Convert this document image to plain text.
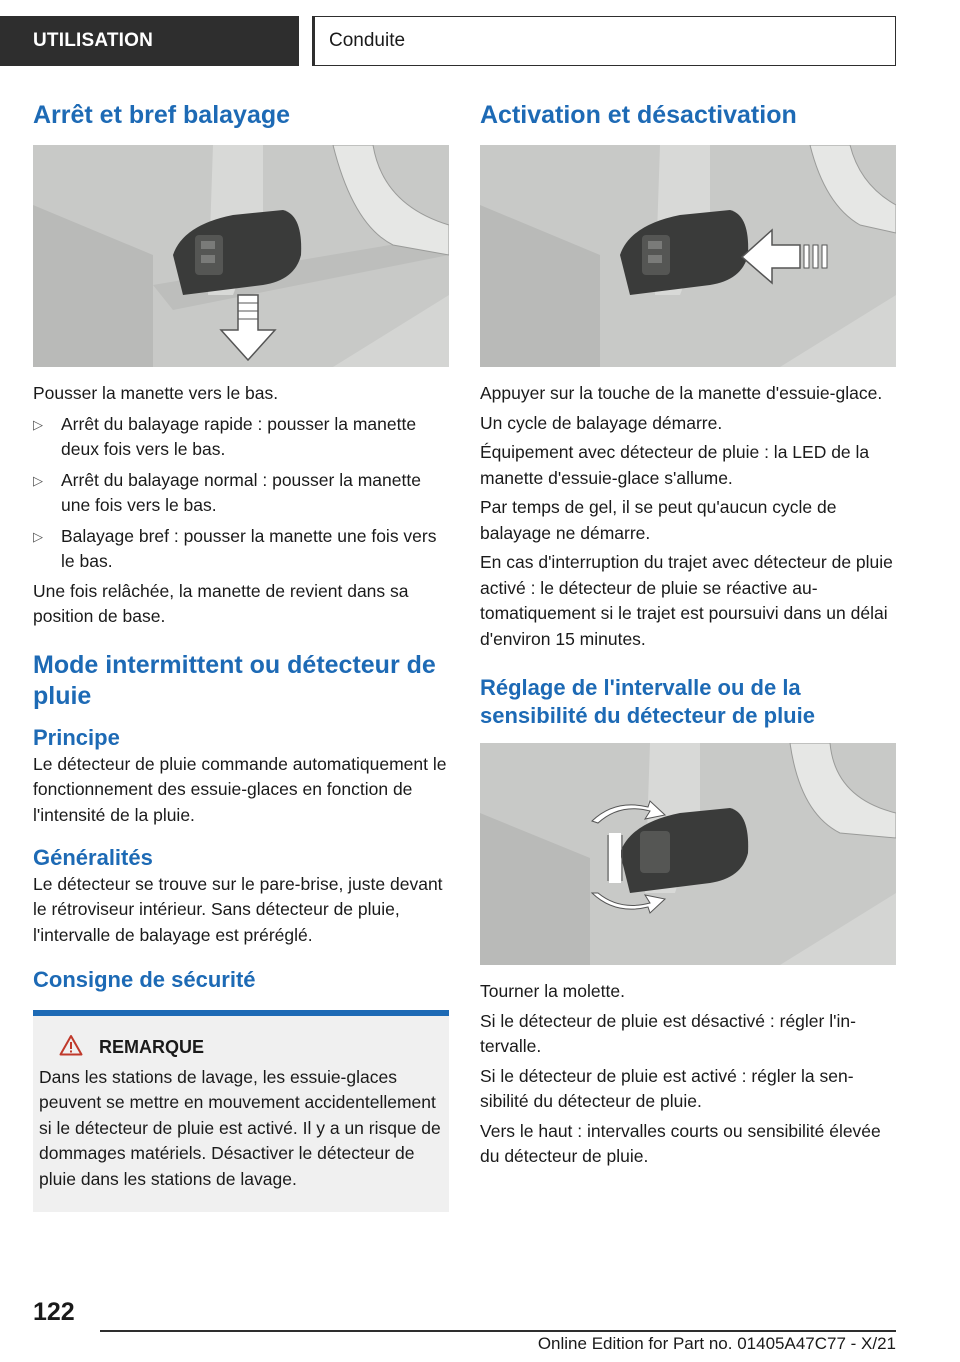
UTILISATION	Conduite
Arrêt et bref balayage

Pousser la manette vers le bas.

▷ Arrêt du balayage rapide : pousser la manette deux fois vers le bas.
▷ Arrêt du balayage normal : pousser la manette une fois vers le bas.
▷ Balayage bref : pousser la manette une fois vers le bas.

Une fois relâchée, la manette de revient dans sa position de base.

Mode intermittent ou détecteur de pluie
Principe

Le détecteur de pluie commande automatiquement le fonctionnement des essuie-glaces en fonction de l'intensité de la pluie.

Généralités

Le détecteur se trouve sur le pare-brise, juste devant le rétroviseur intérieur. Sans détecteur de pluie, l'intervalle de balayage est préréglé.

Consigne de sécurité
REMARQUE

Dans les stations de lavage, les essuie-glaces peuvent se mettre en mouvement accidentellement si le détecteur de pluie est activé. Il y a un risque de dommages matériels. Désactiver le détecteur de pluie dans les stations de lavage.

Activation et désactivation

Appuyer sur la touche de la manette d'essuie-glace.

Un cycle de balayage démarre.

Équipement avec détecteur de pluie : la LED de la manette d'essuie-glace s'allume.

Par temps de gel, il se peut qu'aucun cycle de balayage ne démarre.

En cas d'interruption du trajet avec détecteur de pluie activé : le détecteur de pluie se réactive automatiquement si le trajet est poursuivi dans un délai d'environ 15 minutes.

Réglage de l'intervalle ou de la sensibilité du détecteur de pluie

Tourner la molette.

Si le détecteur de pluie est désactivé : régler l'intervalle.

Si le détecteur de pluie est activé : régler la sensibilité du détecteur de pluie.

Vers le haut : intervalles courts ou sensibilité élevée du détecteur de pluie.

122
Online Edition for Part no. 01405A47C77 - X/21
